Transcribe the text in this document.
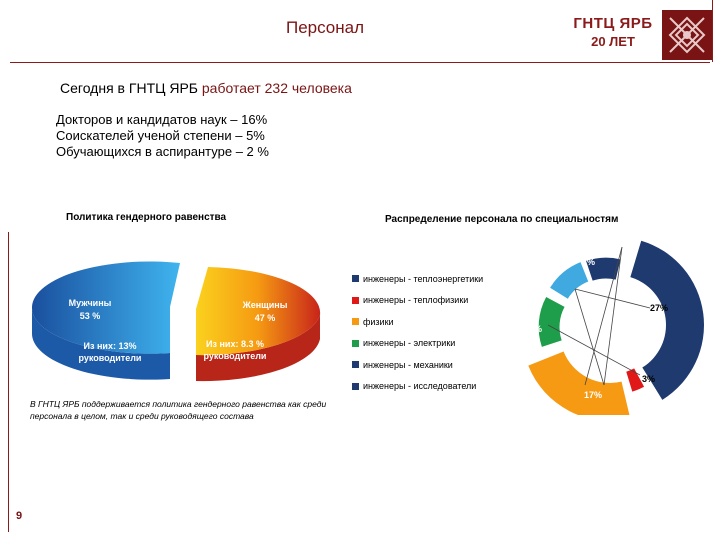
Персонал	ГНТЦ ЯРБ
20 ЛЕТ
Сегодня в ГНТЦ ЯРБ работает 232 человека
Докторов и кандидатов наук – 16%
Соискателей ученой степени – 5%
Обучающихся в аспирантуре – 2 %
Политика гендерного равенства
Мужчины
53 %
Женщины
47 %
Из них: 13%
руководители
Из них: 8.3 %
руководители
В ГНТЦ ЯРБ поддерживается политика гендерного равенства как среди персонала в целом, так и среди руководящего состава
9
Распределение персонала по специальностям
инженеры - теплоэнергетики
инженеры - теплофизики
физики
инженеры - электрики
инженеры - механики
инженеры - исследователи
7%
8%
27%
10%
3%
17%
